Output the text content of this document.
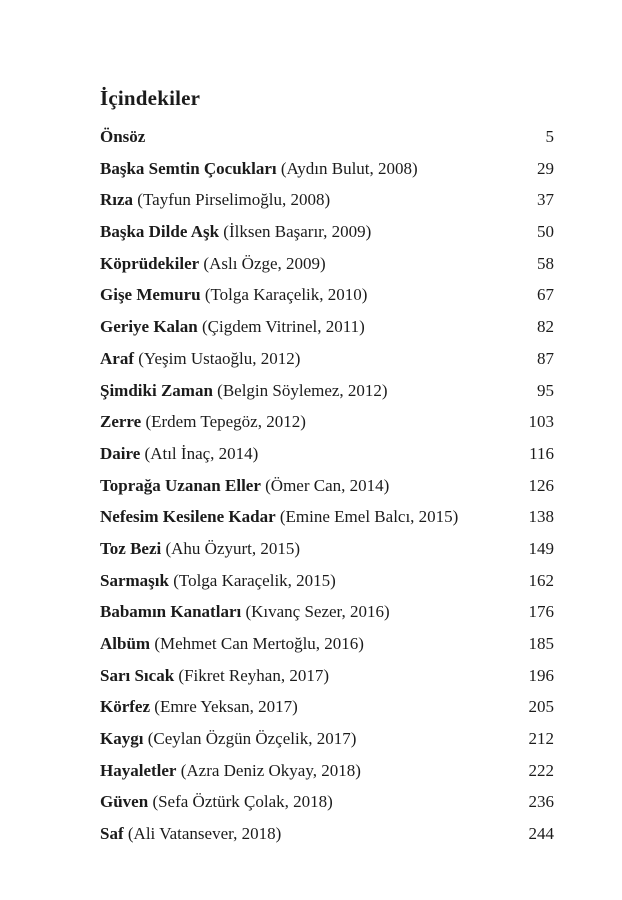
İçindekiler
Önsöz	5
Başka Semtin Çocukları (Aydın Bulut, 2008)	29
Rıza (Tayfun Pirselimoğlu, 2008)	37
Başka Dilde Aşk (İlksen Başarır, 2009)	50
Köprüdekiler (Aslı Özge, 2009)	58
Gişe Memuru (Tolga Karaçelik, 2010)	67
Geriye Kalan (Çigdem Vitrinel, 2011)	82
Araf (Yeşim Ustaoğlu, 2012)	87
Şimdiki Zaman (Belgin Söylemez, 2012)	95
Zerre (Erdem Tepegöz, 2012)	103
Daire (Atıl İnaç, 2014)	116
Toprağa Uzanan Eller (Ömer Can, 2014)	126
Nefesim Kesilene Kadar (Emine Emel Balcı, 2015)	138
Toz Bezi (Ahu Özyurt, 2015)	149
Sarmaşık (Tolga Karaçelik, 2015)	162
Babamın Kanatları (Kıvanç Sezer, 2016)	176
Albüm (Mehmet Can Mertoğlu, 2016)	185
Sarı Sıcak (Fikret Reyhan, 2017)	196
Körfez (Emre Yeksan, 2017)	205
Kaygı (Ceylan Özgün Özçelik, 2017)	212
Hayaletler (Azra Deniz Okyay, 2018)	222
Güven (Sefa Öztürk Çolak, 2018)	236
Saf (Ali Vatansever, 2018)	244
